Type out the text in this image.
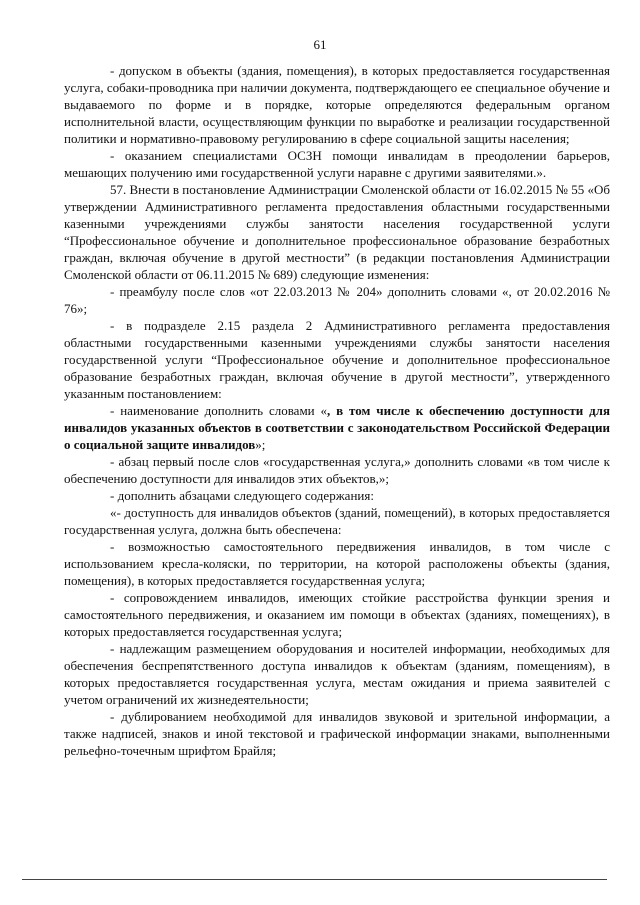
61

- допуском в объекты (здания, помещения), в которых предоставляется государственная услуга, собаки-проводника при наличии документа, подтверждающего ее специальное обучение и выдаваемого по форме и в порядке, которые определяются федеральным органом исполнительной власти, осуществляющим функции по выработке и реализации государственной политики и нормативно-правовому регулированию в сфере социальной защиты населения;

- оказанием специалистами ОСЗН помощи инвалидам в преодолении барьеров, мешающих получению ими государственной услуги наравне с другими заявителями.».

57. Внести в постановление Администрации Смоленской области от 16.02.2015 № 55 «Об утверждении Административного регламента предоставления областными государственными казенными учреждениями службы занятости населения государственной услуги “Профессиональное обучение и дополнительное профессиональное образование безработных граждан, включая обучение в другой местности” (в редакции постановления Администрации Смоленской области от 06.11.2015 № 689) следующие изменения:

- преамбулу после слов «от 22.03.2013 № 204» дополнить словами «, от 20.02.2016 № 76»;

- в подразделе 2.15 раздела 2 Административного регламента предоставления областными государственными казенными учреждениями службы занятости населения государственной услуги “Профессиональное обучение и дополнительное профессиональное образование безработных граждан, включая обучение в другой местности”, утвержденного указанным постановлением:

- наименование дополнить словами «, в том числе к обеспечению доступности для инвалидов указанных объектов в соответствии с законодательством Российской Федерации о социальной защите инвалидов»;

- абзац первый после слов «государственная услуга,» дополнить словами «в том числе к обеспечению доступности для инвалидов этих объектов,»;

- дополнить абзацами следующего содержания:

«- доступность для инвалидов объектов (зданий, помещений), в которых предоставляется государственная услуга, должна быть обеспечена:

- возможностью самостоятельного передвижения инвалидов, в том числе с использованием кресла-коляски, по территории, на которой расположены объекты (здания, помещения), в которых предоставляется государственная услуга;

- сопровождением инвалидов, имеющих стойкие расстройства функции зрения и самостоятельного передвижения, и оказанием им помощи в объектах (зданиях, помещениях), в которых предоставляется государственная услуга;

- надлежащим размещением оборудования и носителей информации, необходимых для обеспечения беспрепятственного доступа инвалидов к объектам (зданиям, помещениям), в которых предоставляется государственная услуга, местам ожидания и приема заявителей с учетом ограничений их жизнедеятельности;

- дублированием необходимой для инвалидов звуковой и зрительной информации, а также надписей, знаков и иной текстовой и графической информации знаками, выполненными рельефно-точечным шрифтом Брайля;
